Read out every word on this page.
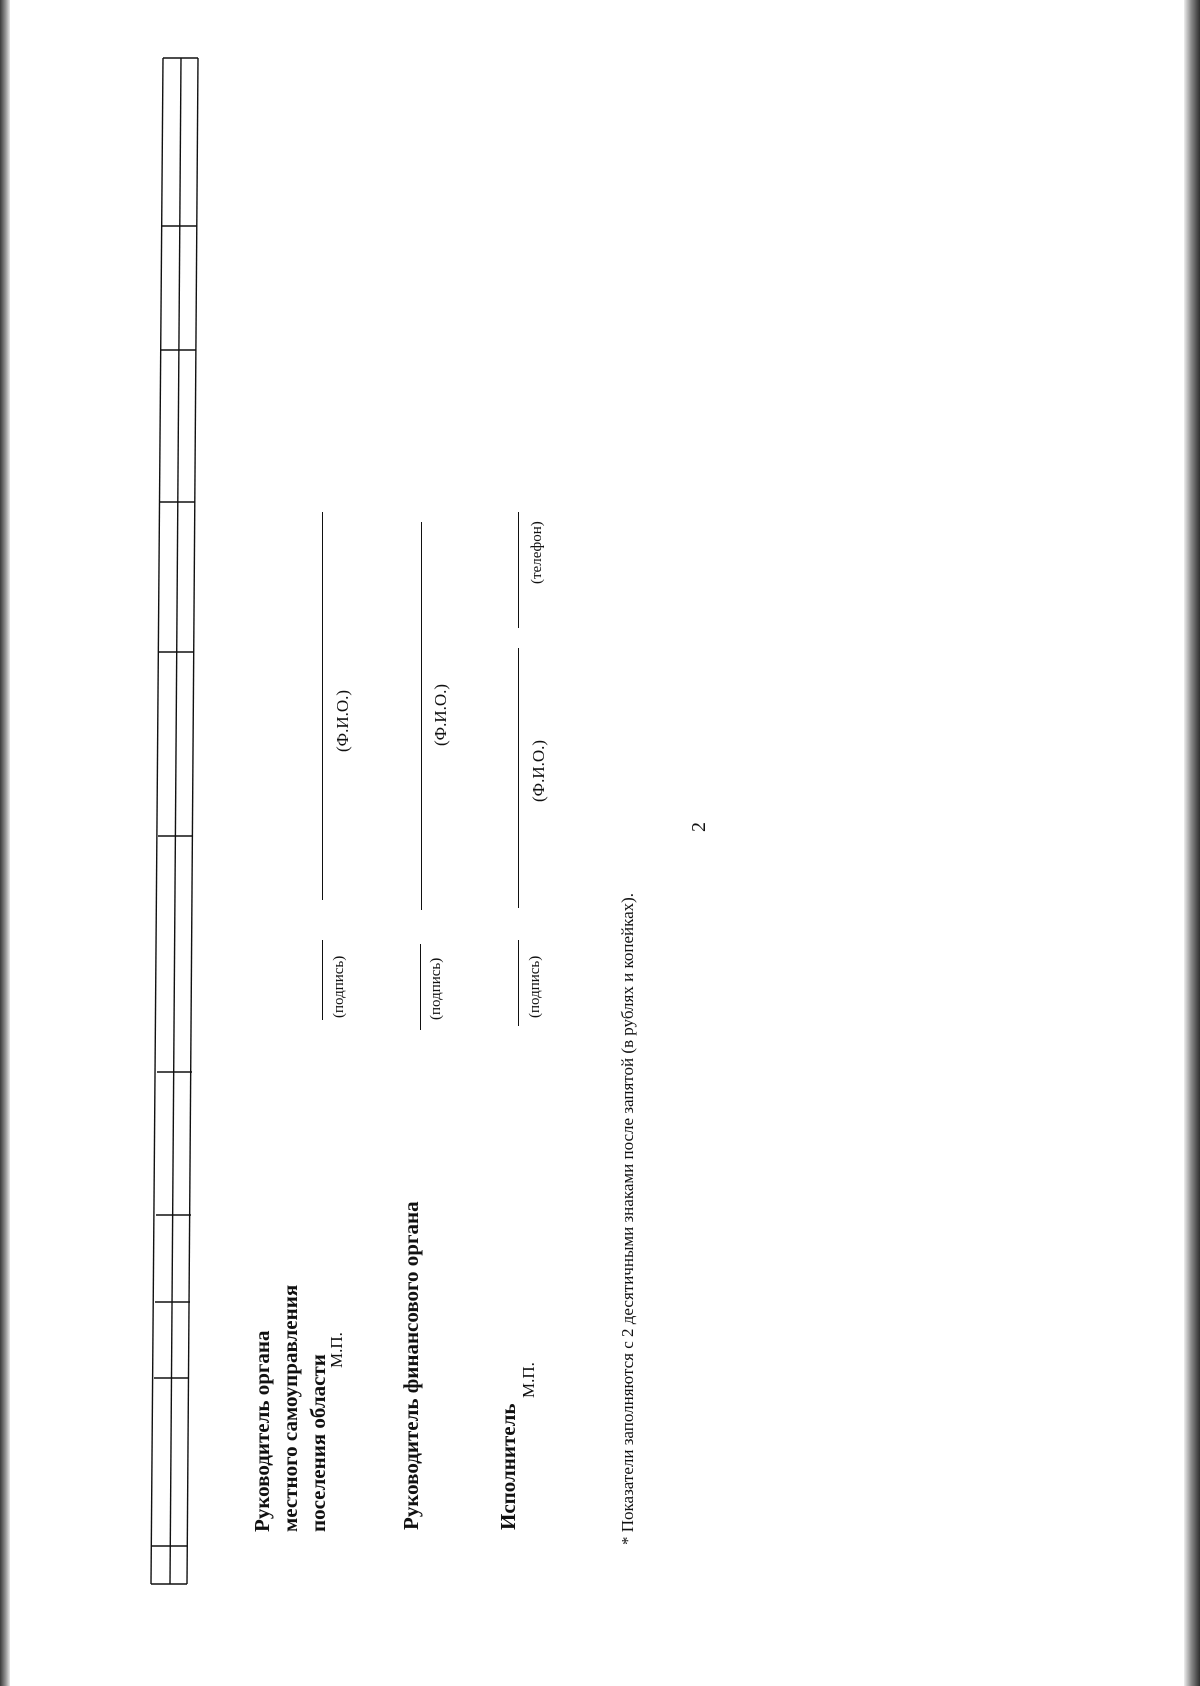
2
Руководитель органа местного самоуправления поселения области
М.П.
(подпись)
(Ф.И.О.)
Руководитель финансового органа
(подпись)
(Ф.И.О.)
Исполнитель
М.П.
(подпись)
(Ф.И.О.)
(телефон)
* Показатели заполняются с 2 десятичными знаками после запятой (в рублях и копейках).
